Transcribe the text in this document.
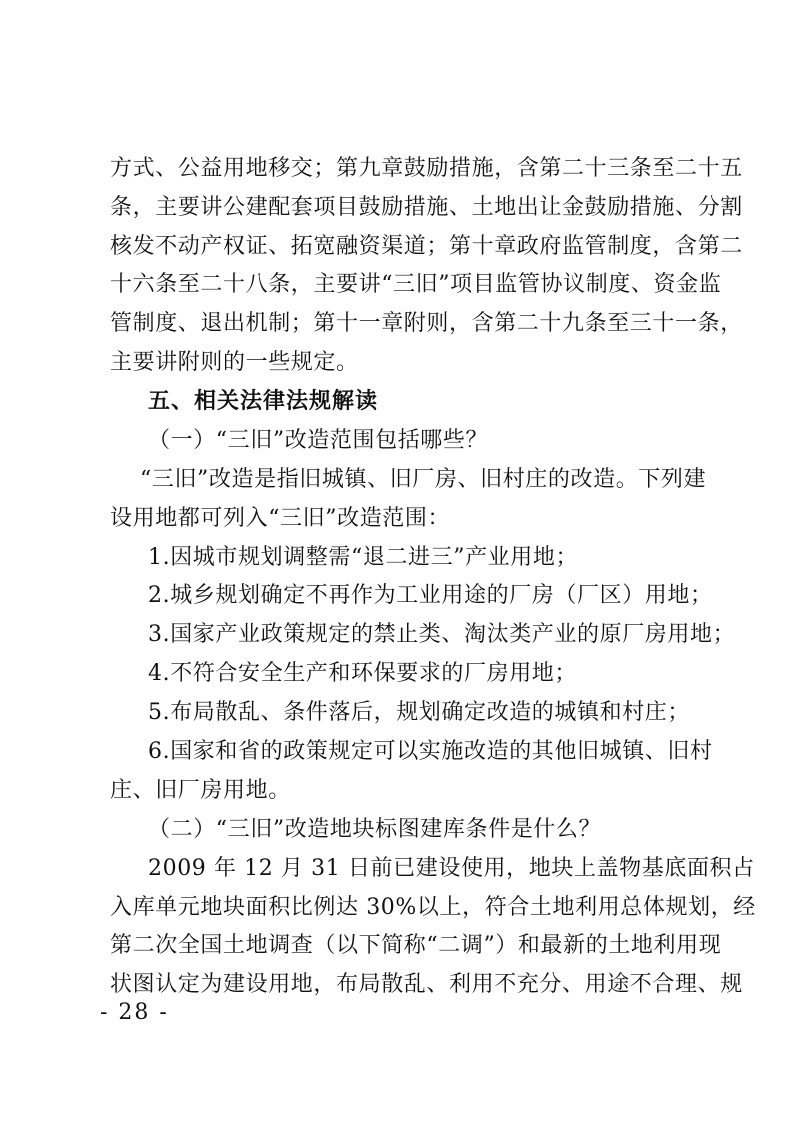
方式、公益用地移交；第九章鼓励措施，含第二十三条至二十五
条，主要讲公建配套项目鼓励措施、土地出让金鼓励措施、分割
核发不动产权证、拓宽融资渠道；第十章政府监管制度，含第二
十六条至二十八条，主要讲“三旧”项目监管协议制度、资金监
管制度、退出机制；第十一章附则，含第二十九条至三十一条，
主要讲附则的一些规定。
五、相关法律法规解读
（一）“三旧”改造范围包括哪些？
“三旧”改造是指旧城镇、旧厂房、旧村庄的改造。下列建
设用地都可列入“三旧”改造范围：
1.因城市规划调整需“退二进三”产业用地；
2.城乡规划确定不再作为工业用途的厂房（厂区）用地；
3.国家产业政策规定的禁止类、淘汰类产业的原厂房用地；
4.不符合安全生产和环保要求的厂房用地；
5.布局散乱、条件落后，规划确定改造的城镇和村庄；
6.国家和省的政策规定可以实施改造的其他旧城镇、旧村
庄、旧厂房用地。
（二）“三旧”改造地块标图建库条件是什么？
2009 年 12 月 31 日前已建设使用，地块上盖物基底面积占
入库单元地块面积比例达 30%以上，符合土地利用总体规划，经
第二次全国土地调查（以下简称“二调”）和最新的土地利用现
状图认定为建设用地，布局散乱、利用不充分、用途不合理、规
- 28 -
